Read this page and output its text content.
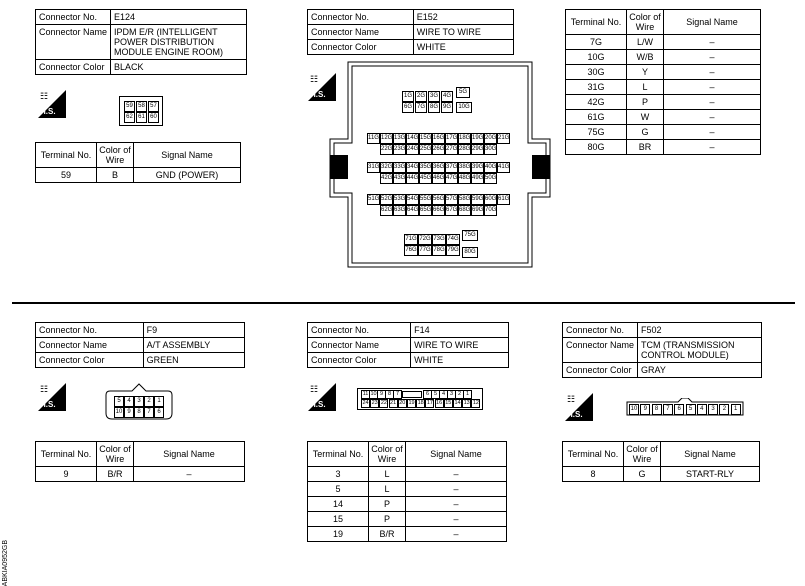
Connector No.	E124
Connector Name	IPDM E/R (INTELLIGENT POWER DISTRIBUTION MODULE ENGINE ROOM)
Connector Color	BLACK
☷
H.S.
59 58 57
62 61 60
Terminal No.	Color of Wire	Signal Name
59	B	GND (POWER)
Connector No.	E152
Connector Name	WIRE TO WIRE
Connector Color	WHITE
☷
H.S.	1G 2G 3G 4G
6G 7G 8G 9G
5G
10G
11G 12G 13G 14G 15G 16G 17G 18G 19G 20G 21G
22G 23G 24G 25G 26G 27G 28G 29G 30G
31G 32G 33G 34G 35G 36G 37G 38G 39G 40G 41G
42G 43G 44G 45G 46G 47G 48G 49G 50G
51G 52G 53G 54G 55G 56G 57G 58G 59G 60G 61G
62G 63G 64G 65G 66G 67G 68G 69G 70G
71G 72G 73G 74G
76G 77G 78G 79G
75G
80G
Terminal No.	Color of Wire	Signal Name
7G	L/W	–
10G	W/B	–
30G	Y	–
31G	L	–
42G	P	–
61G	W	–
75G	G	–
80G	BR	–
Connector No.	F9
Connector Name	A/T ASSEMBLY
Connector Color	GREEN
☷
H.S.	5	4	3	2	1
10 9	8	7	6
Terminal No.	Color of Wire	Signal Name
9	B/R	–
Connector No.	F14
Connector Name	WIRE TO WIRE
Connector Color	WHITE
☷
H.S.
11 10 9 8 7	6 5 4 3 2 1
24 23 22 21 20 19 18 17 16 15 14 13 12
Terminal No.	Color of Wire	Signal Name
3	L	–
5	L	–
14	P	–
15	P	–
19	B/R	–
Connector No.	F502
Connector Name	TCM (TRANSMISSION CONTROL MODULE)
Connector Color	GRAY
☷
H.S.
10	9	8	7	6	5	4	3	2	1
Terminal No.	Color of Wire	Signal Name
8	G	START-RLY
ABKIA0952GB
